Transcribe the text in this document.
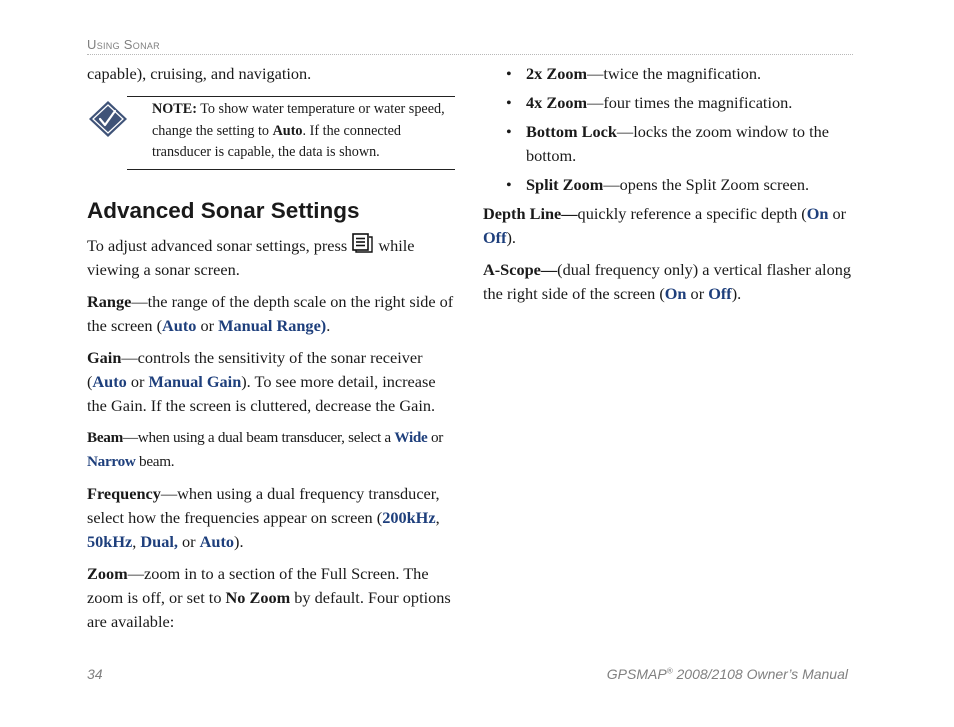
Using Sonar

capable), cruising, and navigation.

NOTE: To show water temperature or water speed, change the setting to Auto. If the connected transducer is capable, the data is shown.

Advanced Sonar Settings

To adjust advanced sonar settings, press  while viewing a sonar screen.

Range—the range of the depth scale on the right side of the screen (Auto or Manual Range).

Gain—controls the sensitivity of the sonar receiver (Auto or Manual Gain). To see more detail, increase the Gain. If the screen is cluttered, decrease the Gain.

Beam—when using a dual beam transducer, select a Wide or Narrow beam.

Frequency—when using a dual frequency transducer, select how the frequencies appear on screen (200kHz, 50kHz, Dual, or Auto).

Zoom—zoom in to a section of the Full Screen. The zoom is off, or set to No Zoom by default. Four options are available:

• 2x Zoom—twice the magnification.

• 4x Zoom—four times the magnification.

• Bottom Lock—locks the zoom window to the bottom.

• Split Zoom—opens the Split Zoom screen.

Depth Line—quickly reference a specific depth (On or Off).

A-Scope—(dual frequency only) a vertical flasher along the right side of the screen (On or Off).

34	GPSMAP® 2008/2108 Owner’s Manual
